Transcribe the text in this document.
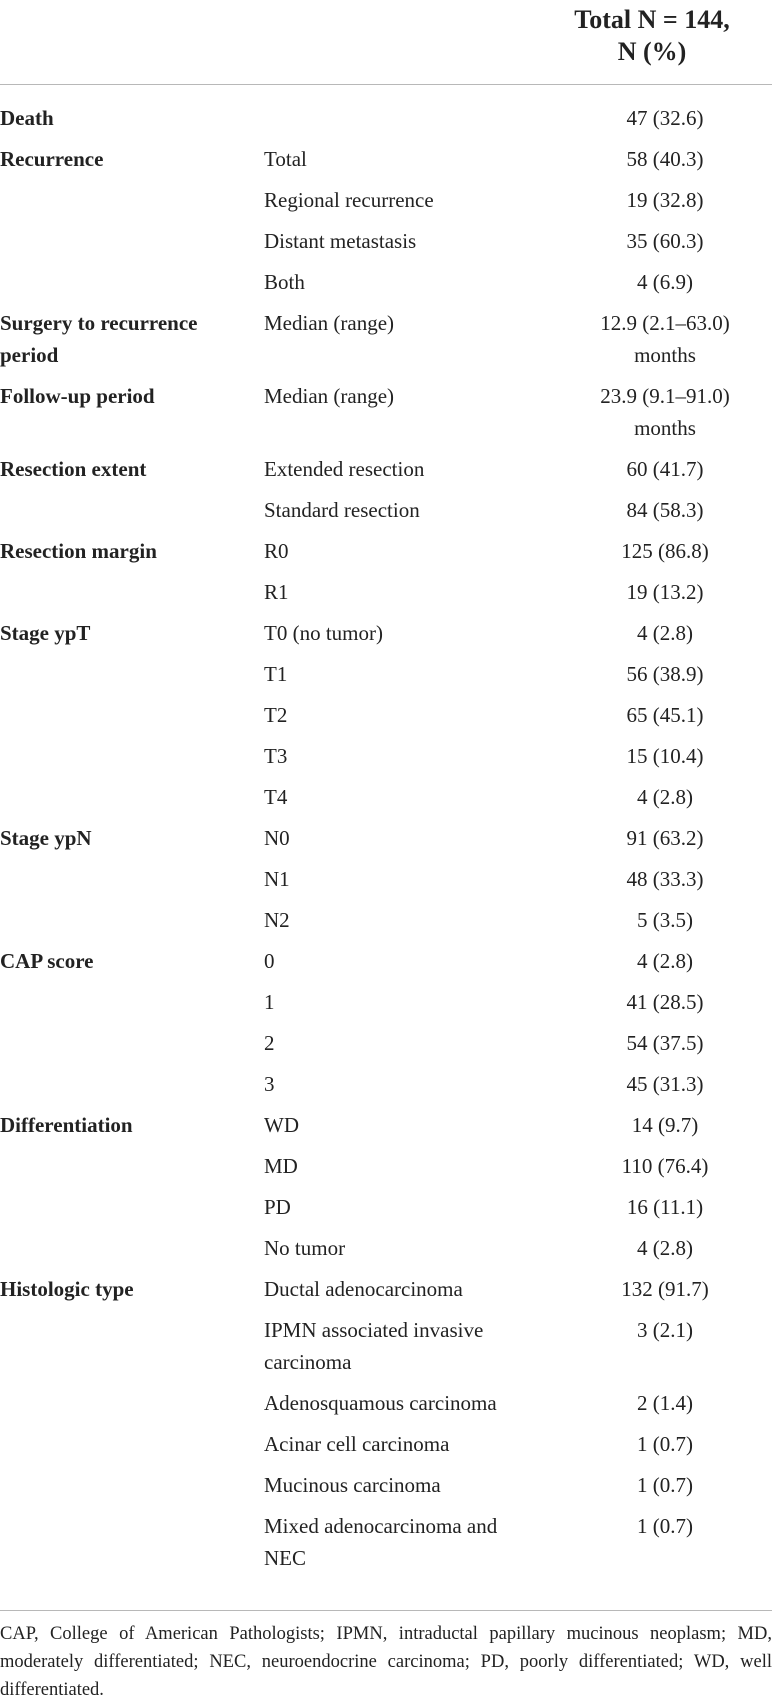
Total N = 144,
N (%)
Death		47 (32.6)
Recurrence	Total	58 (40.3)
	Regional recurrence	19 (32.8)
	Distant metastasis	35 (60.3)
	Both	4 (6.9)
Surgery to recurrence
period	Median (range)	12.9 (2.1–63.0)
months
Follow-up period	Median (range)	23.9 (9.1–91.0)
months
Resection extent	Extended resection	60 (41.7)
	Standard resection	84 (58.3)
Resection margin	R0	125 (86.8)
	R1	19 (13.2)
Stage ypT	T0 (no tumor)	4 (2.8)
	T1	56 (38.9)
	T2	65 (45.1)
	T3	15 (10.4)
	T4	4 (2.8)
Stage ypN	N0	91 (63.2)
	N1	48 (33.3)
	N2	5 (3.5)
CAP score	0	4 (2.8)
	1	41 (28.5)
	2	54 (37.5)
	3	45 (31.3)
Differentiation	WD	14 (9.7)
	MD	110 (76.4)
	PD	16 (11.1)
	No tumor	4 (2.8)
Histologic type	Ductal adenocarcinoma	132 (91.7)
	IPMN associated invasive
carcinoma	3 (2.1)
	Adenosquamous carcinoma	2 (1.4)
	Acinar cell carcinoma	1 (0.7)
	Mucinous carcinoma	1 (0.7)
	Mixed adenocarcinoma and
NEC	1 (0.7)
CAP, College of American Pathologists; IPMN, intraductal papillary mucinous neoplasm; MD, moderately differentiated; NEC, neuroendocrine carcinoma; PD, poorly differentiated; WD, well differentiated.
